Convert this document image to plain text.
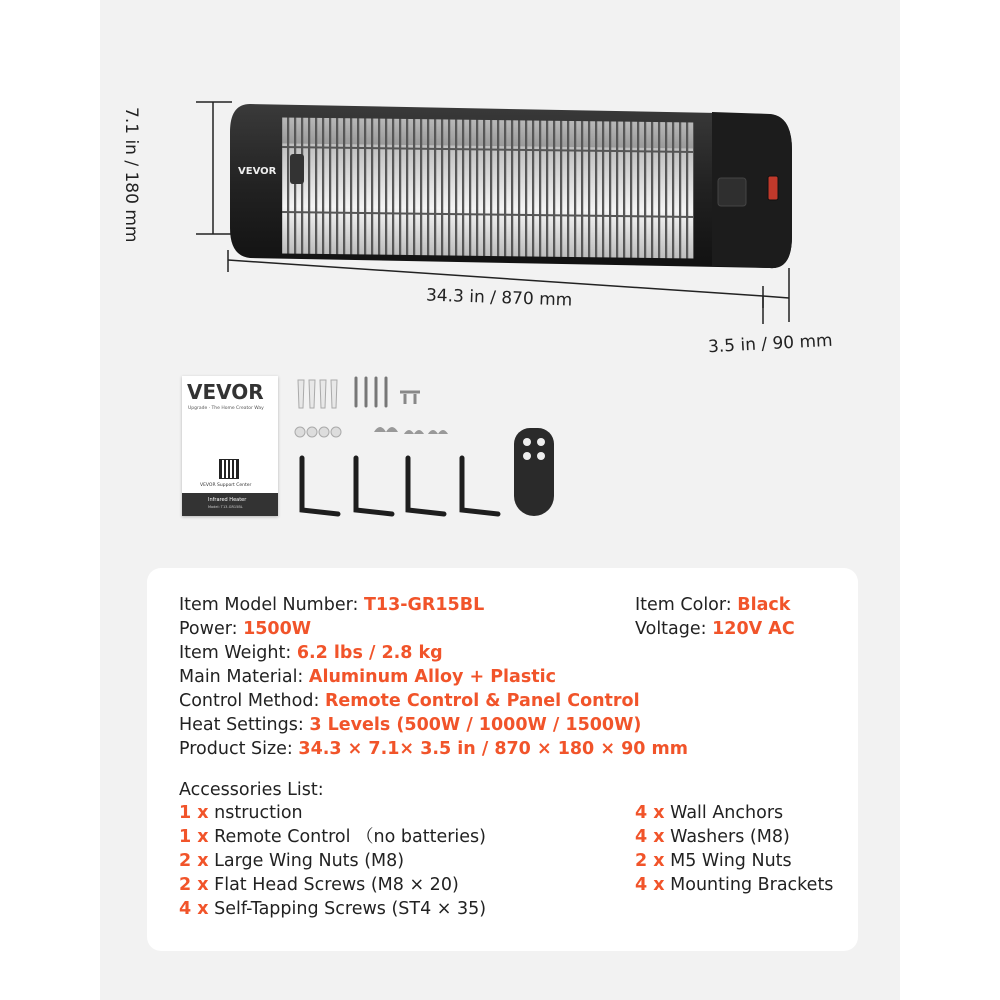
VEVOR
7.1 in / 180 mm
34.3 in / 870 mm
3.5 in / 90 mm
VEVOR
Upgrade · The Home Creator Way
VEVOR Support Center
Infrared Heater
Model: T13-GR15BL
Item Model Number: T13-GR15BL	Item Color: Black
Power: 1500W	Voltage: 120V AC
Item Weight: 6.2 lbs / 2.8 kg
Main Material: Aluminum Alloy + Plastic
Control Method: Remote Control & Panel Control
Heat Settings: 3 Levels (500W / 1000W / 1500W)
Product Size: 34.3 × 7.1× 3.5 in / 870 × 180 × 90 mm
Accessories List:
1 x nstruction
1 x Remote Control （no batteries)
2 x Large Wing Nuts (M8)
2 x Flat Head Screws (M8 × 20)
4 x Self-Tapping Screws (ST4 × 35)
4 x Wall Anchors
4 x Washers (M8)
2 x M5 Wing Nuts
4 x Mounting Brackets
